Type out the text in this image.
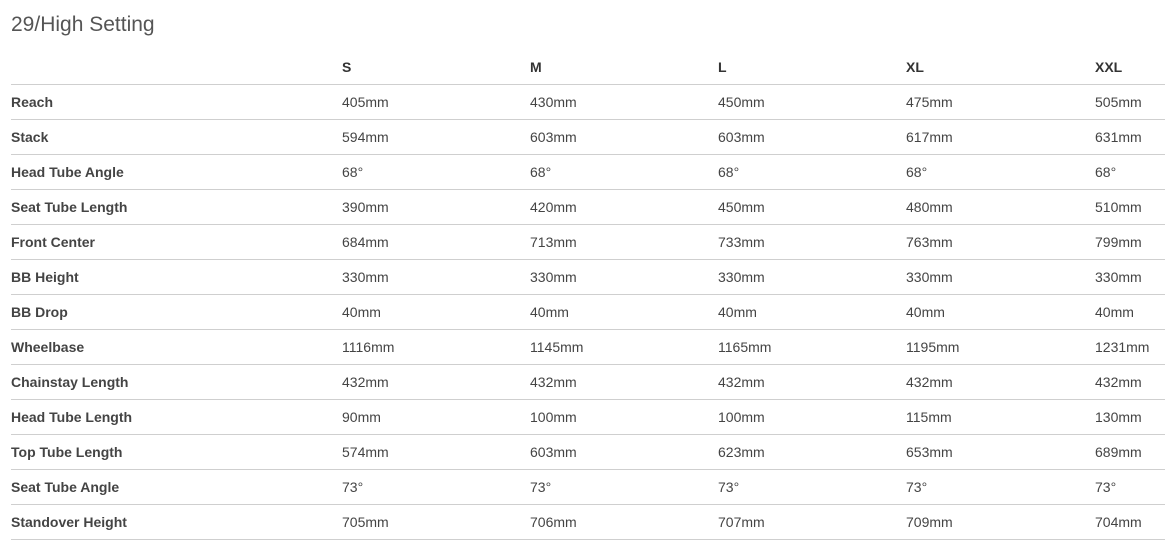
29/High Setting
	S	M	L	XL	XXL
Reach	405mm	430mm	450mm	475mm	505mm
Stack	594mm	603mm	603mm	617mm	631mm
Head Tube Angle	68°	68°	68°	68°	68°
Seat Tube Length	390mm	420mm	450mm	480mm	510mm
Front Center	684mm	713mm	733mm	763mm	799mm
BB Height	330mm	330mm	330mm	330mm	330mm
BB Drop	40mm	40mm	40mm	40mm	40mm
Wheelbase	1116mm	1145mm	1165mm	1195mm	1231mm
Chainstay Length	432mm	432mm	432mm	432mm	432mm
Head Tube Length	90mm	100mm	100mm	115mm	130mm
Top Tube Length	574mm	603mm	623mm	653mm	689mm
Seat Tube Angle	73°	73°	73°	73°	73°
Standover Height	705mm	706mm	707mm	709mm	704mm
